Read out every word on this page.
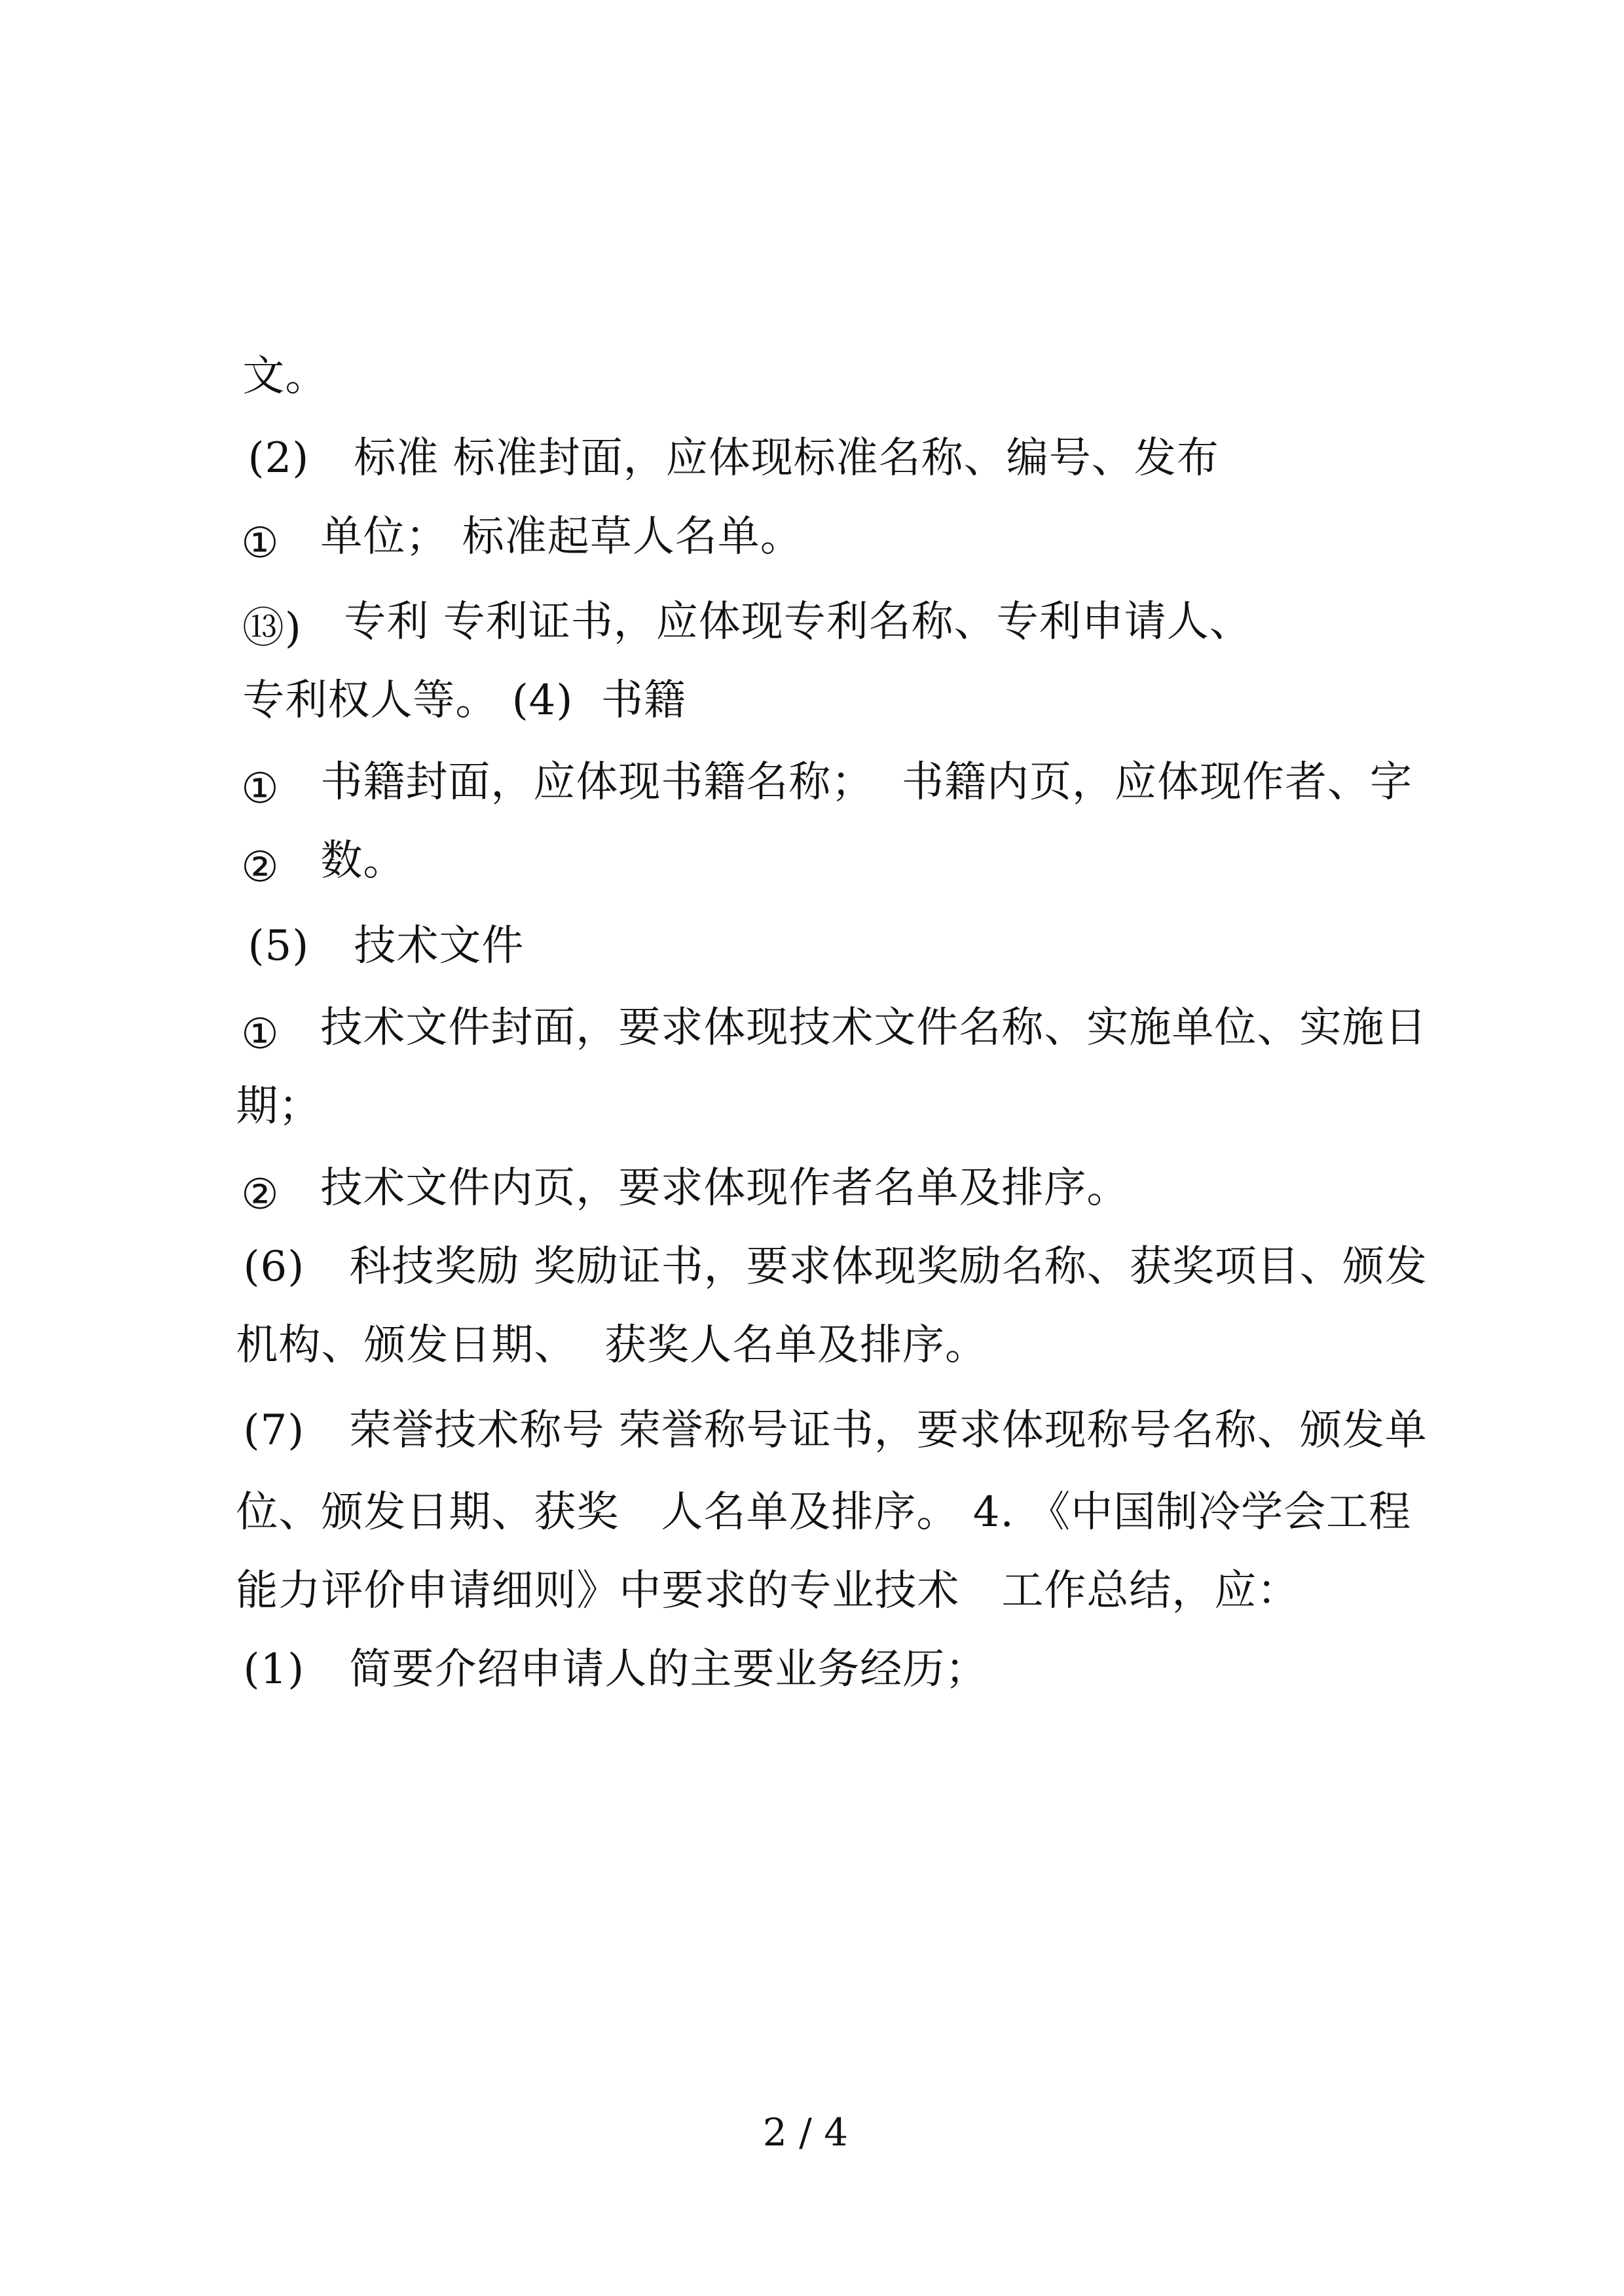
文。

(2) 标准 标准封面，应体现标准名称、编号、发布

① 单位； 标准起草人名单。

⑬) 专利 专利证书，应体现专利名称、专利申请人、

专利权人等。 (4)  书籍

① 书籍封面，应体现书籍名称；  书籍内页，应体现作者、字

② 数。

(5) 技术文件

① 技术文件封面，要求体现技术文件名称、实施单位、实施日

期；

② 技术文件内页，要求体现作者名单及排序。

(6) 科技奖励 奖励证书，要求体现奖励名称、获奖项目、颁发

机构、颁发日期、  获奖人名单及排序。

(7) 荣誉技术称号 荣誉称号证书，要求体现称号名称、颁发单

位、颁发日期、获奖   人名单及排序。 4. 《中国制冷学会工程

能力评价申请细则》中要求的专业技术   工作总结，应：

(1) 简要介绍申请人的主要业务经历；

2 / 4
